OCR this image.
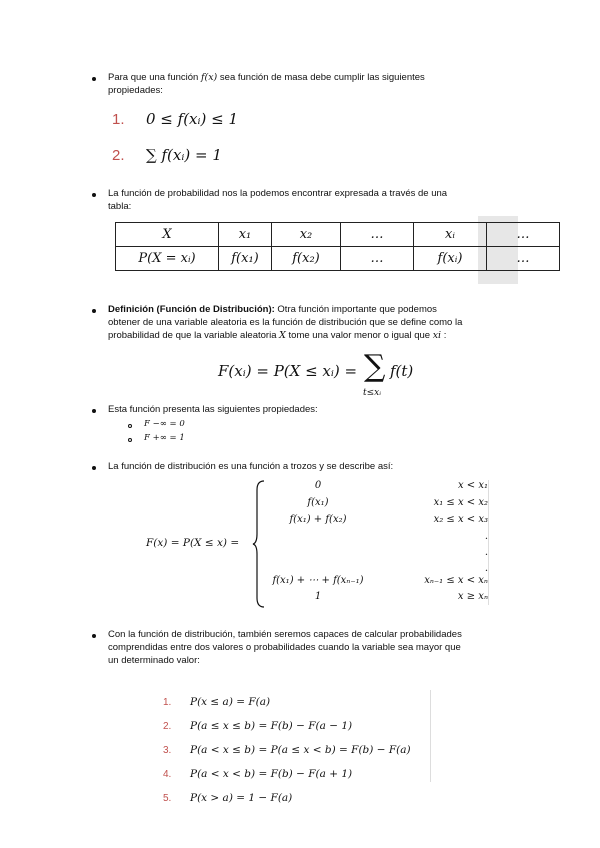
Para que una función f(x) sea función de masa debe cumplir las siguientes
propiedades:
1. 0 ≤ f(xᵢ) ≤ 1
2. ∑ f(xᵢ) = 1
La función de probabilidad nos la podemos encontrar expresada a través de una
tabla:
X	x₁	x₂	…	xᵢ	…
P(X = xᵢ)	f(x₁)	f(x₂)	…	f(xᵢ)	…
Definición (Función de Distribución): Otra función importante que podemos
obtener de una variable aleatoria es la función de distribución que se define como la
probabilidad de que la variable aleatoria X tome una valor menor o igual que xi :
F(xᵢ) = P(X ≤ xᵢ) = ∑
t≤xᵢ
f(t)
Esta función presenta las siguientes propiedades:
F −∞ = 0
F +∞ = 1
La función de distribución es una función a trozos y se describe así:
F(x) = P(X ≤ x) =
0	x < x₁
f(x₁)	x₁ ≤ x < x₂
f(x₁) + f(x₂)	x₂ ≤ x < x₃
.
.
.
f(x₁) + ⋯ + f(xₙ₋₁)	xₙ₋₁ ≤ x < xₙ
1	x ≥ xₙ
Con la función de distribución, también seremos capaces de calcular probabilidades
comprendidas entre dos valores o probabilidades cuando la variable sea mayor que
un determinado valor:
1.	P(x ≤ a) = F(a)
2.	P(a ≤ x ≤ b) = F(b) − F(a − 1)
3.	P(a < x ≤ b) = P(a ≤ x < b) = F(b) − F(a)
4.	P(a < x < b) = F(b) − F(a + 1)
5.	P(x > a) = 1 − F(a)
